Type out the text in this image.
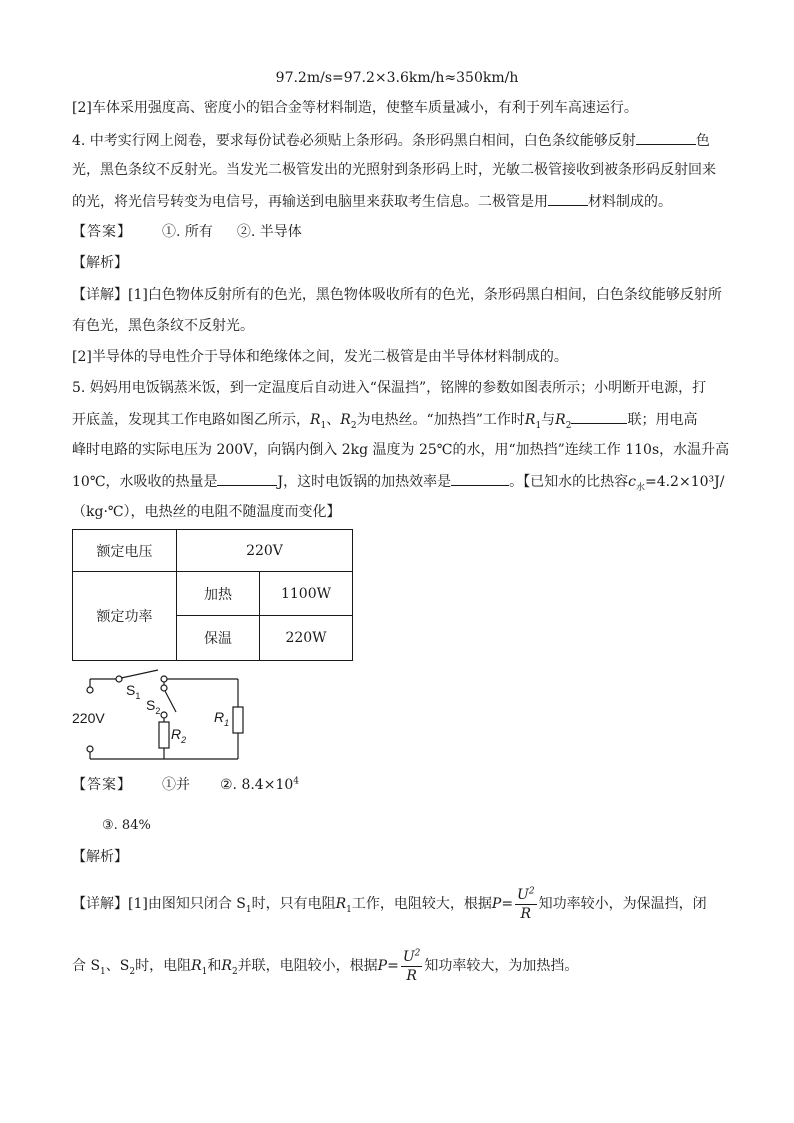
97.2m/s=97.2×3.6km/h≈350km/h
[2]车体采用强度高、密度小的铝合金等材料制造，使整车质量减小，有利于列车高速运行。
4. 中考实行网上阅卷，要求每份试卷必须贴上条形码。条形码黑白相间，白色条纹能够反射	色
光，黑色条纹不反射光。当发光二极管发出的光照射到条形码上时，光敏二极管接收到被条形码反射回来
的光，将光信号转变为电信号，再输送到电脑里来获取考生信息。二极管是用	材料制成的。
【答案】 ①. 所有 ②. 半导体
【解析】
【详解】[1]白色物体反射所有的色光，黑色物体吸收所有的色光，条形码黑白相间，白色条纹能够反射所
有色光，黑色条纹不反射光。
[2]半导体的导电性介于导体和绝缘体之间，发光二极管是由半导体材料制成的。
5. 妈妈用电饭锅蒸米饭，到一定温度后自动进入“保温挡”，铭牌的参数如图表所示；小明断开电源，打
开底盖，发现其工作电路如图乙所示，$R_1$、$R_2$为电热丝。“加热挡”工作时$R_1$与$R_2$	联；用电高
峰时电路的实际电压为 200V，向锅内倒入 2kg 温度为 25℃的水，用“加热挡”连续工作 110s，水温升高
10℃，水吸收的热量是	J，这时电饭锅的加热效率是	。【已知水的比热容$c_水=4.2\times 10^3J/$
（kg·℃），电热丝的电阻不随温度而变化】
额定电压	220V	
额定功率	加热	1100W
	保温	220W
$S_1$
$S_2$
220V	$R_1$
$R_2$
【答案】 ①并 ②. $8.4\times 10^4$
③. 84%
【解析】
【详解】[1]由图知只闭合 $S_1$时，只有电阻$R_1$工作，电阻较大，根据$P= \frac{U^2}{R}$ 知功率较小，为保温挡，闭
合 $S_1$、$S_2$时，电阻$R_1$和$R_2$并联，电阻较小，根据$P= \frac{U^2}{R}$ 知功率较大，为加热挡。
